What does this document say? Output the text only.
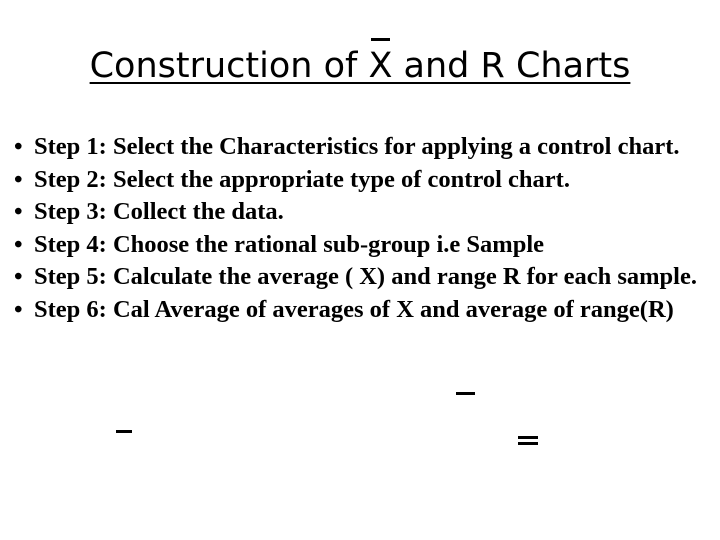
Construction of X and R Charts
• Step 1: Select the Characteristics for applying a control chart.
• Step 2: Select the appropriate type of control chart.
• Step 3: Collect the data.
• Step 4: Choose the rational sub-group i.e Sample
• Step 5: Calculate the average ( X) and range R for each sample.
• Step 6: Cal Average of averages of X and average of range(R)
